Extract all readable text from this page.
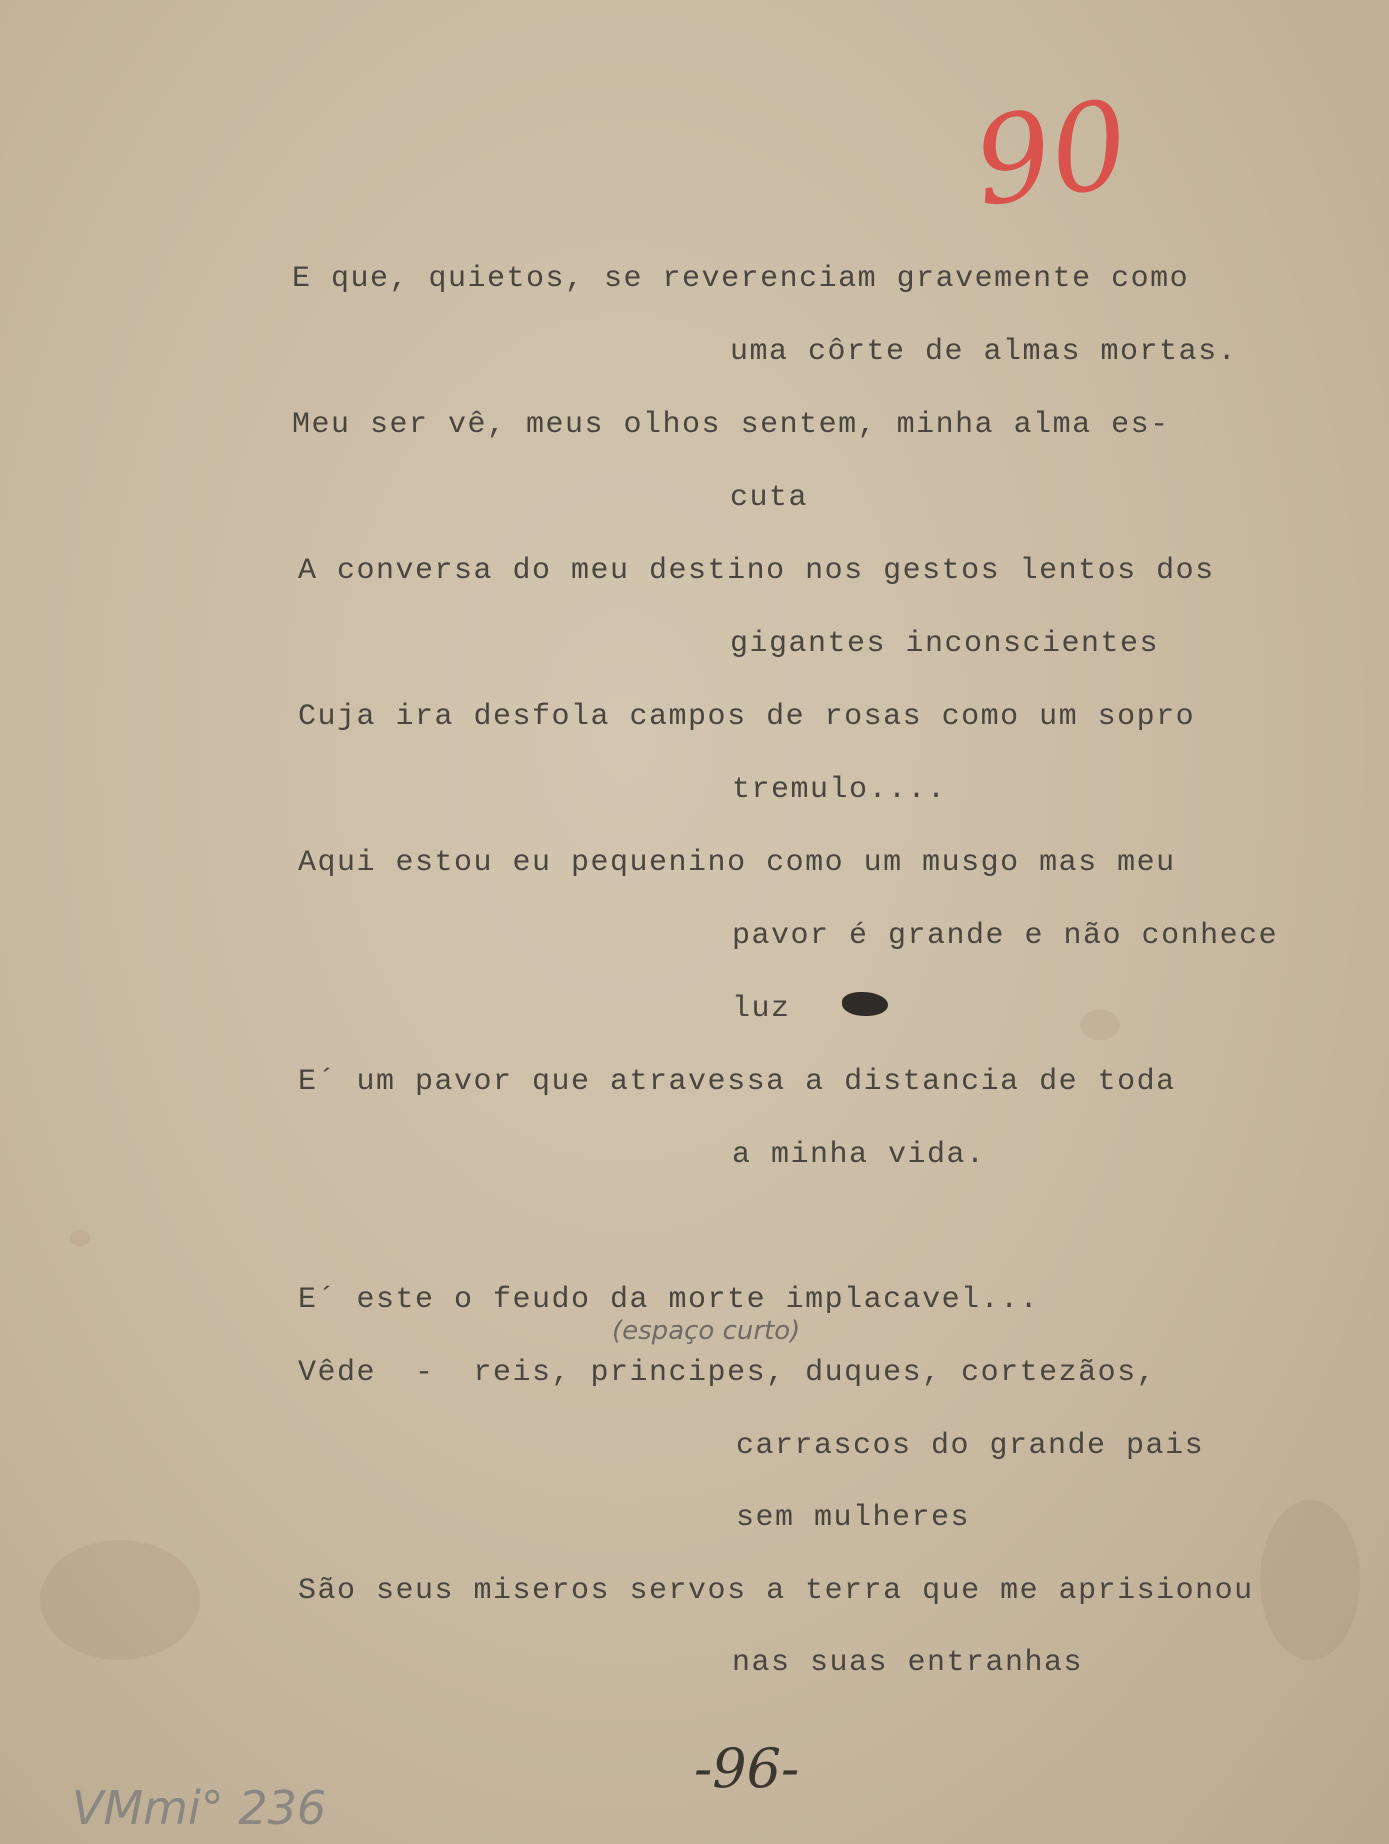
90
E que, quietos, se reverenciam gravemente como
uma côrte de almas mortas.
Meu ser vê, meus olhos sentem, minha alma es-
cuta
A conversa do meu destino nos gestos lentos dos
gigantes inconscientes
Cuja ira desfola campos de rosas como um sopro
tremulo....
Aqui estou eu pequenino como um musgo mas meu
pavor é grande e não conhece
luz
E´ um pavor que atravessa a distancia de toda
a minha vida.
E´ este o feudo da morte implacavel...
(espaço curto)
Vêde  -  reis, principes, duques, cortezãos,
carrascos do grande pais
sem mulheres
São seus miseros servos a terra que me aprisionou
nas suas entranhas
-96-
VMmi° 236
